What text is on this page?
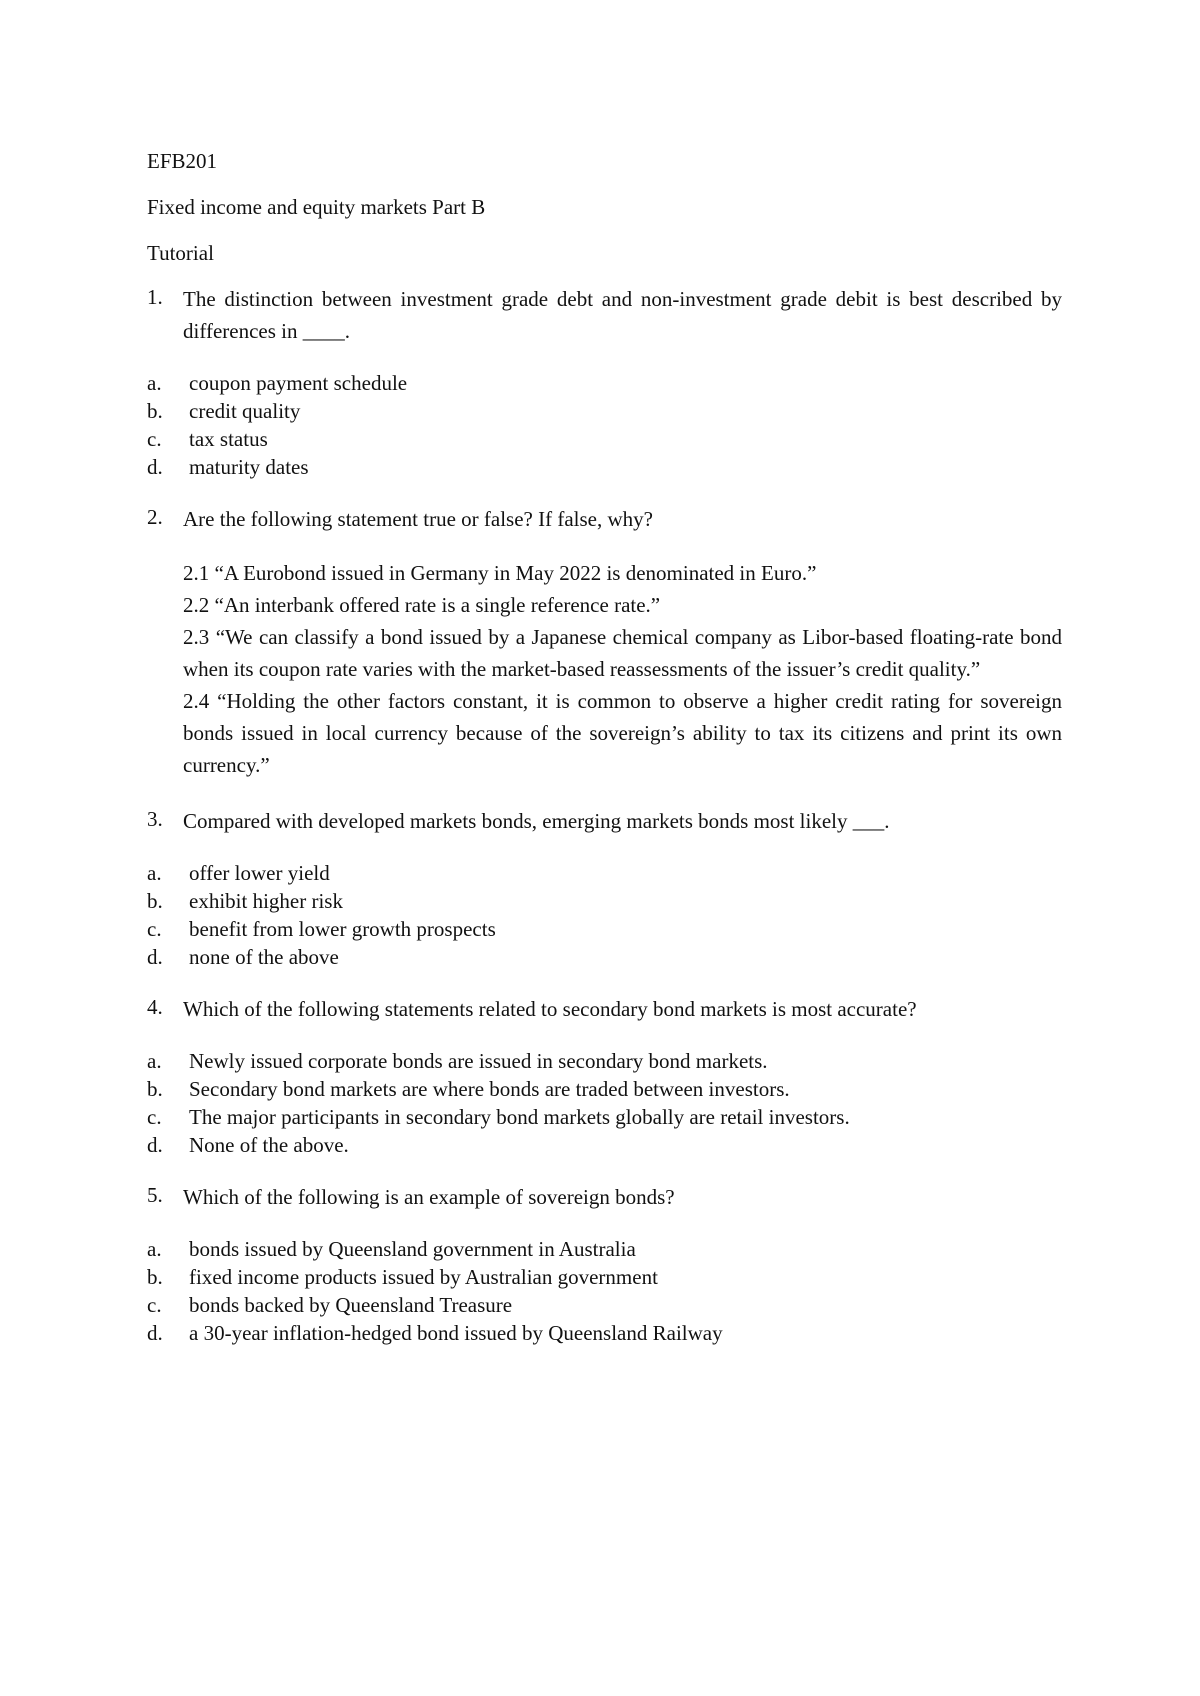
EFB201

Fixed income and equity markets Part B

Tutorial

1. The distinction between investment grade debt and non-investment grade debit is best described by differences in ____.
a.	coupon payment schedule
b.	credit quality
c.	tax status
d.	maturity dates
2. Are the following statement true or false? If false, why?
2.1 “A Eurobond issued in Germany in May 2022 is denominated in Euro.”
2.2 “An interbank offered rate is a single reference rate.”
2.3 “We can classify a bond issued by a Japanese chemical company as Libor-based floating-rate bond when its coupon rate varies with the market-based reassessments of the issuer’s credit quality.”
2.4 “Holding the other factors constant, it is common to observe a higher credit rating for sovereign bonds issued in local currency because of the sovereign’s ability to tax its citizens and print its own currency.”
3. Compared with developed markets bonds, emerging markets bonds most likely ___.
a.	offer lower yield
b.	exhibit higher risk
c.	benefit from lower growth prospects
d.	none of the above
4. Which of the following statements related to secondary bond markets is most accurate?
a.	Newly issued corporate bonds are issued in secondary bond markets.
b.	Secondary bond markets are where bonds are traded between investors.
c.	The major participants in secondary bond markets globally are retail investors.
d.	None of the above.
5. Which of the following is an example of sovereign bonds?
a.	bonds issued by Queensland government in Australia
b.	fixed income products issued by Australian government
c.	bonds backed by Queensland Treasure
d.	a 30-year inflation-hedged bond issued by Queensland Railway
